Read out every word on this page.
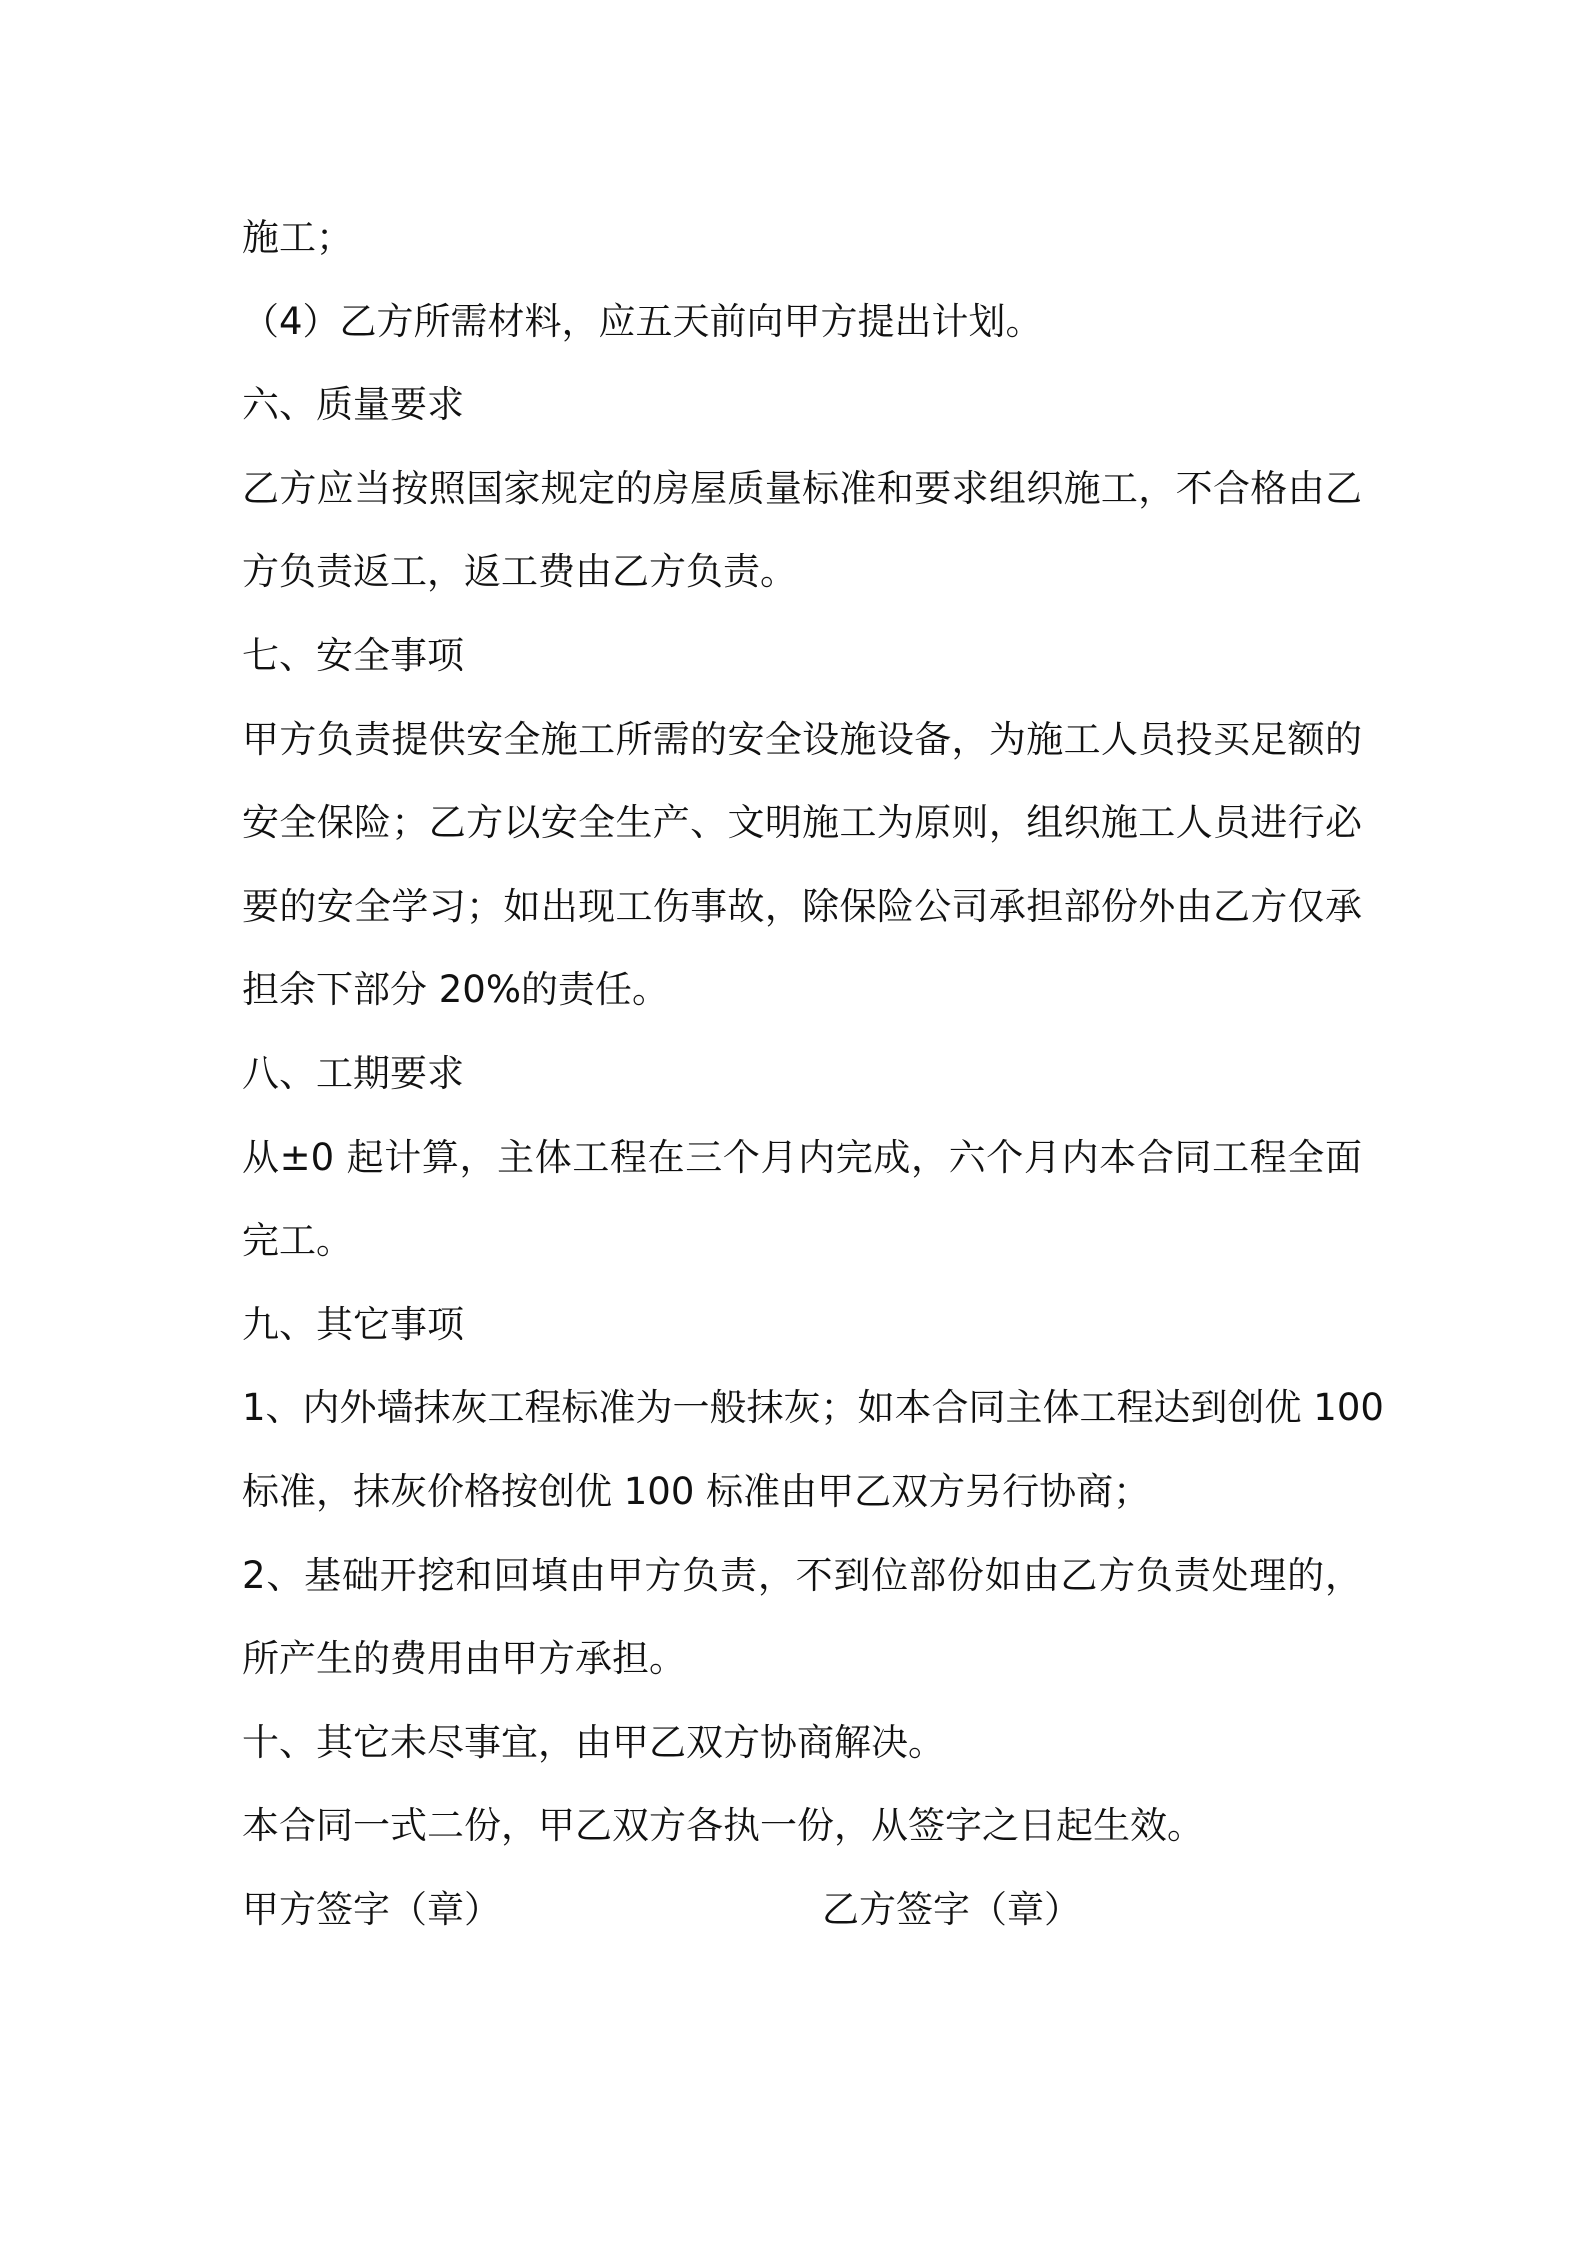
施工；
（4）乙方所需材料，应五天前向甲方提出计划。
六、质量要求
乙方应当按照国家规定的房屋质量标准和要求组织施工，不合格由乙
方负责返工，返工费由乙方负责。
七、安全事项
甲方负责提供安全施工所需的安全设施设备，为施工人员投买足额的
安全保险；乙方以安全生产、文明施工为原则，组织施工人员进行必
要的安全学习；如出现工伤事故，除保险公司承担部份外由乙方仅承
担余下部分 20%的责任。
八、工期要求
从±0 起计算，主体工程在三个月内完成，六个月内本合同工程全面
完工。
九、其它事项
1、内外墙抹灰工程标准为一般抹灰；如本合同主体工程达到创优 100
标准，抹灰价格按创优 100 标准由甲乙双方另行协商；
2、基础开挖和回填由甲方负责，不到位部份如由乙方负责处理的，
所产生的费用由甲方承担。
十、其它未尽事宜，由甲乙双方协商解决。
本合同一式二份，甲乙双方各执一份，从签字之日起生效。
甲方签字（章）	乙方签字（章）
